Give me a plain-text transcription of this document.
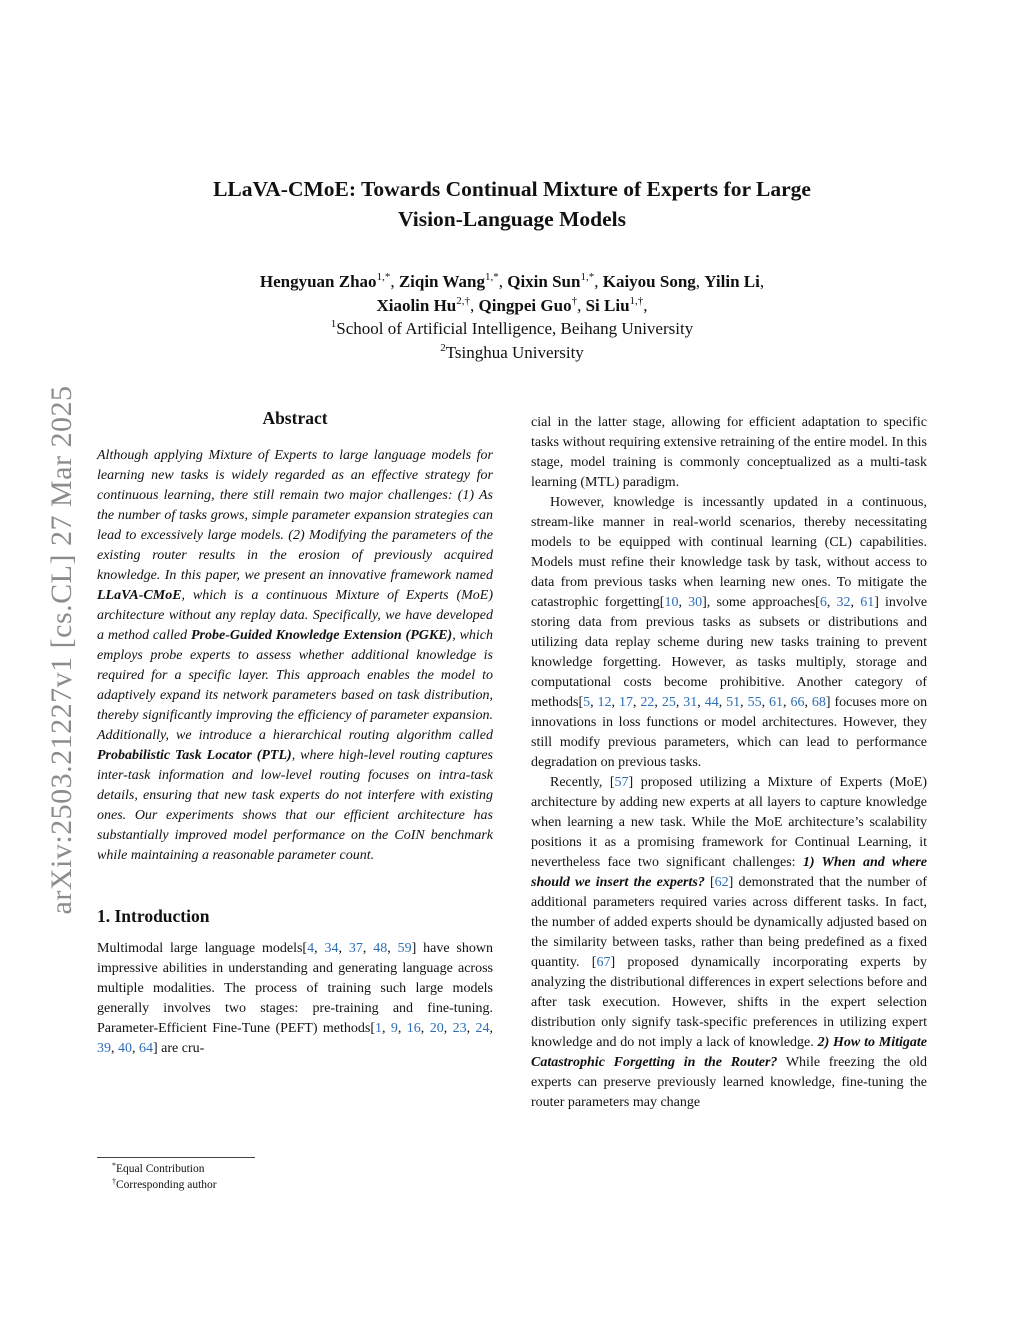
arXiv:2503.21227v1 [cs.CL] 27 Mar 2025
LLaVA-CMoE: Towards Continual Mixture of Experts for Large
Vision-Language Models
Hengyuan Zhao$^{1,*}$, Ziqin Wang$^{1,*}$, Qixin Sun$^{1,*}$, Kaiyou Song, Yilin Li,
Xiaolin $Hu^{2,\dagger}$, Qingpei Guo†, Si Liu$^{1,\dagger}$,
$^1$School of Artificial Intelligence, Beihang University
$^2$Tsinghua University
Abstract

Although applying Mixture of Experts to large language models for learning new tasks is widely regarded as an effective strategy for continuous learning, there still remain two major challenges: (1) As the number of tasks grows, simple parameter expansion strategies can lead to excessively large models. (2) Modifying the parameters of the existing router results in the erosion of previously acquired knowledge. In this paper, we present an innovative framework named LLaVA-CMoE, which is a continuous Mixture of Experts (MoE) architecture without any replay data. Specifically, we have developed a method called Probe-Guided Knowledge Extension (PGKE), which employs probe experts to assess whether additional knowledge is required for a specific layer. This approach enables the model to adaptively expand its network parameters based on task distribution, thereby significantly improving the efficiency of parameter expansion. Additionally, we introduce a hierarchical routing algorithm called Probabilistic Task Locator (PTL), where high-level routing captures inter-task information and low-level routing focuses on intra-task details, ensuring that new task experts do not interfere with existing ones. Our experiments shows that our efficient architecture has substantially improved model performance on the CoIN benchmark while maintaining a reasonable parameter count.

1. Introduction

Multimodal large language models[4, 34, 37, 48, 59] have shown impressive abilities in understanding and generating language across multiple modalities. The process of training such large models generally involves two stages: pre-training and fine-tuning. Parameter-Efficient Fine-Tune (PEFT) methods[1, 9, 16, 20, 23, 24, 39, 40, 64] are cru-

*Equal Contribution
†Corresponding author

cial in the latter stage, allowing for efficient adaptation to specific tasks without requiring extensive retraining of the entire model. In this stage, model training is commonly conceptualized as a multi-task learning (MTL) paradigm.

However, knowledge is incessantly updated in a continuous, stream-like manner in real-world scenarios, thereby necessitating models to be equipped with continual learning (CL) capabilities. Models must refine their knowledge task by task, without access to data from previous tasks when learning new ones. To mitigate the catastrophic forgetting[10, 30], some approaches[6, 32, 61] involve storing data from previous tasks as subsets or distributions and utilizing data replay scheme during new tasks training to prevent knowledge forgetting. However, as tasks multiply, storage and computational costs become prohibitive. Another category of methods[5, 12, 17, 22, 25, 31, 44, 51, 55, 61, 66, 68] focuses more on innovations in loss functions or model architectures. However, they still modify previous parameters, which can lead to performance degradation on previous tasks.

Recently, [57] proposed utilizing a Mixture of Experts (MoE) architecture by adding new experts at all layers to capture knowledge when learning a new task. While the MoE architecture’s scalability positions it as a promising framework for Continual Learning, it nevertheless face two significant challenges: 1) When and where should we insert the experts? [62] demonstrated that the number of additional parameters required varies across different tasks. In fact, the number of added experts should be dynamically adjusted based on the similarity between tasks, rather than being predefined as a fixed quantity. [67] proposed dynamically incorporating experts by analyzing the distributional differences in expert selections before and after task execution. However, shifts in the expert selection distribution only signify task-specific preferences in utilizing expert knowledge and do not imply a lack of knowledge. 2) How to Mitigate Catastrophic Forgetting in the Router? While freezing the old experts can preserve previously learned knowledge, fine-tuning the router parameters may change
